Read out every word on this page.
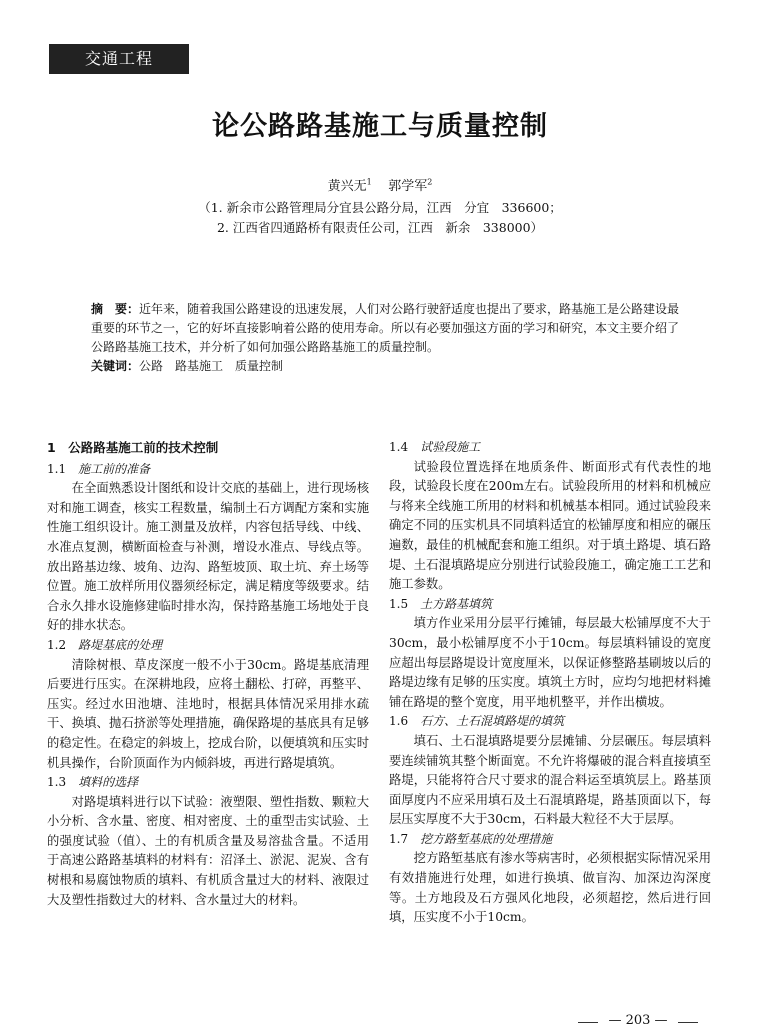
交通工程
论公路路基施工与质量控制
黄兴无$^1$ 郭学军$^2$
（1. 新余市公路管理局分宜县公路分局，江西　分宜　336600；
2. 江西省四通路桥有限责任公司，江西　新余　338000）
摘　要：近年来，随着我国公路建设的迅速发展，人们对公路行驶舒适度也提出了要求，路基施工是公路建设最重要的环节之一，它的好坏直接影响着公路的使用寿命。所以有必要加强这方面的学习和研究，本文主要介绍了公路路基施工技术，并分析了如何加强公路路基施工的质量控制。
关键词：公路　路基施工　质量控制
1　公路路基施工前的技术控制
1.1 施工前的准备

在全面熟悉设计图纸和设计交底的基础上，进行现场核对和施工调查，核实工程数量，编制土石方调配方案和实施性施工组织设计。施工测量及放样，内容包括导线、中线、水准点复测，横断面检查与补测，增设水准点、导线点等。放出路基边缘、坡角、边沟、路堑坡顶、取土坑、弃土场等位置。施工放样所用仪器须经标定，满足精度等级要求。结合永久排水设施修建临时排水沟，保持路基施工场地处于良好的排水状态。

1.2 路堤基底的处理

清除树根、草皮深度一般不小于30cm。路堤基底清理后要进行压实。在深耕地段，应将土翻松、打碎，再整平、压实。经过水田池塘、洼地时，根据具体情况采用排水疏干、换填、抛石挤淤等处理措施，确保路堤的基底具有足够的稳定性。在稳定的斜坡上，挖成台阶，以便填筑和压实时机具操作，台阶顶面作为内倾斜坡，再进行路堤填筑。

1.3 填料的选择

对路堤填料进行以下试验：液塑限、塑性指数、颗粒大小分析、含水量、密度、相对密度、土的重型击实试验、土的强度试验（值）、土的有机质含量及易溶盐含量。不适用于高速公路路基填料的材料有：沼泽土、淤泥、泥炭、含有树根和易腐蚀物质的填料、有机质含量过大的材料、液限过大及塑性指数过大的材料、含水量过大的材料。

1.4 试验段施工

试验段位置选择在地质条件、断面形式有代表性的地段，试验段长度在200m左右。试验段所用的材料和机械应与将来全线施工所用的材料和机械基本相同。通过试验段来确定不同的压实机具不同填料适宜的松铺厚度和相应的碾压遍数，最佳的机械配套和施工组织。对于填土路堤、填石路堤、土石混填路堤应分别进行试验段施工，确定施工工艺和施工参数。

1.5 土方路基填筑

填方作业采用分层平行摊铺，每层最大松铺厚度不大于30cm，最小松铺厚度不小于10cm。每层填料铺设的宽度应超出每层路堤设计宽度厘米，以保证修整路基刷坡以后的路堤边缘有足够的压实度。填筑土方时，应均匀地把材料摊铺在路堤的整个宽度，用平地机整平，并作出横坡。

1.6 石方、土石混填路堤的填筑

填石、土石混填路堤要分层摊铺、分层碾压。每层填料要连续铺筑其整个断面宽。不允许将爆破的混合料直接填至路堤，只能将符合尺寸要求的混合料运至填筑层上。路基顶面厚度内不应采用填石及土石混填路堤，路基顶面以下，每层压实厚度不大于30cm，石料最大粒径不大于层厚。

1.7 挖方路堑基底的处理措施

挖方路堑基底有渗水等病害时，必须根据实际情况采用有效措施进行处理，如进行换填、做盲沟、加深边沟深度等。土方地段及石方强风化地段，必须超挖，然后进行回填，压实度不小于10cm。

— 203 —
